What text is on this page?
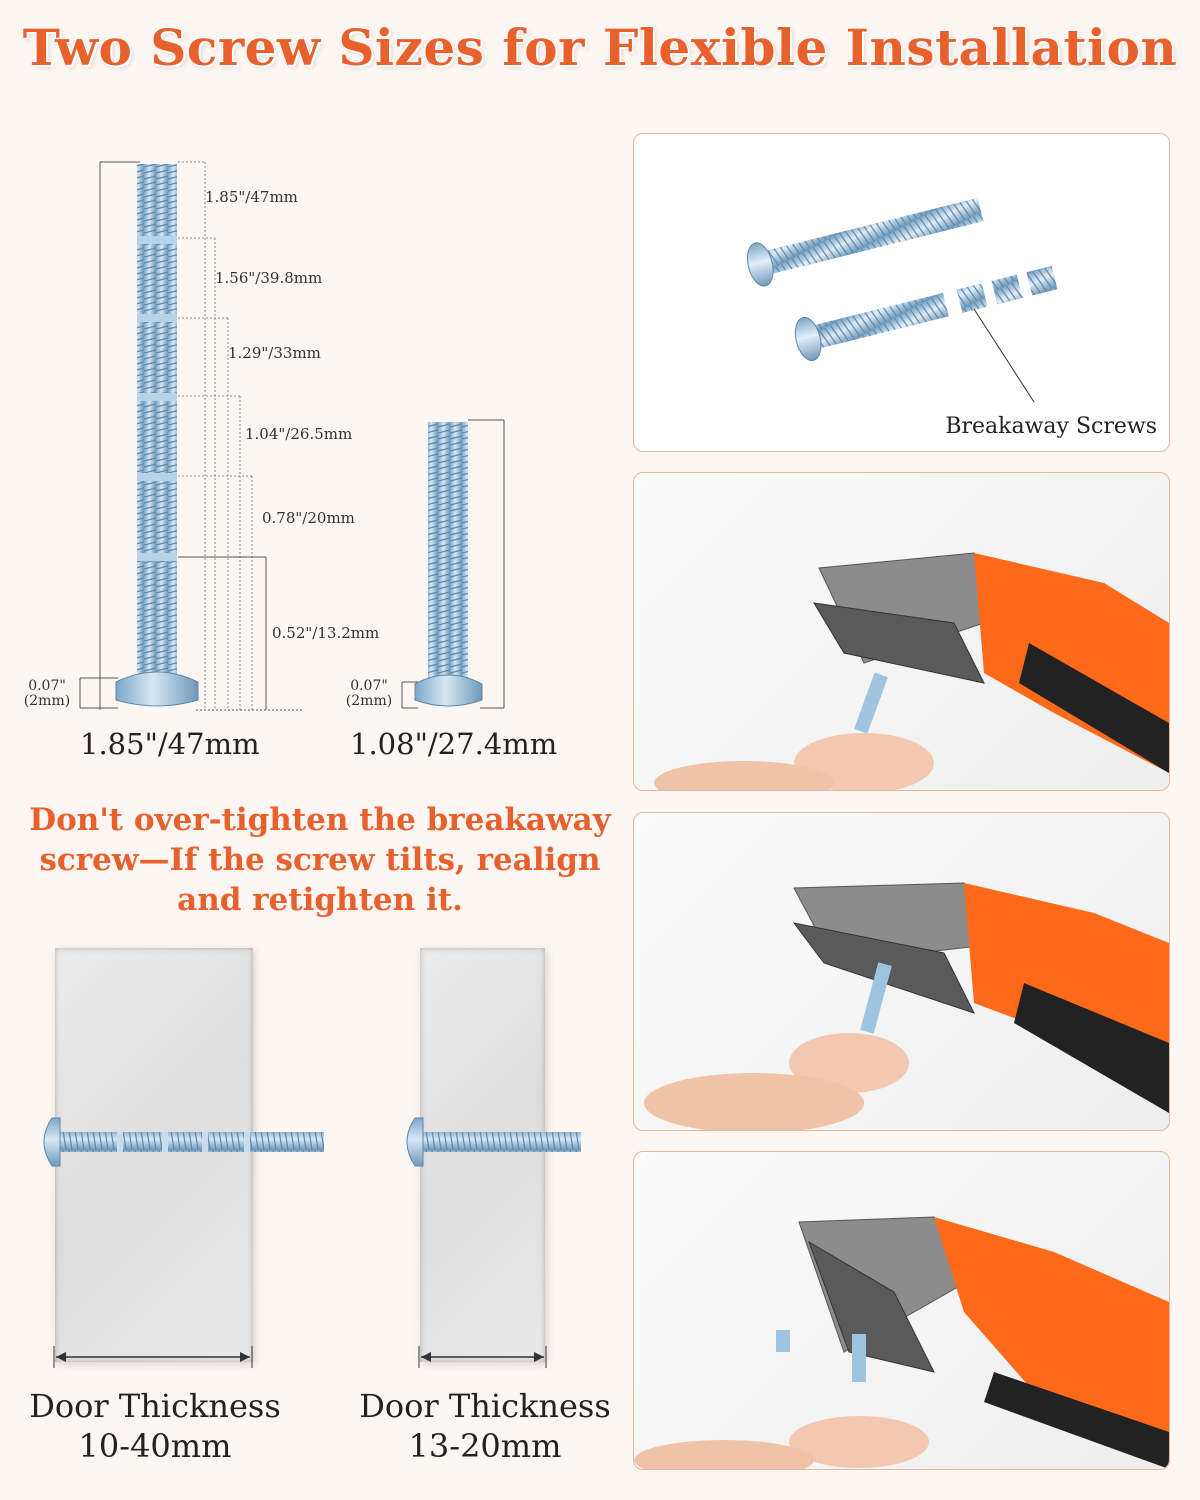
Two Screw Sizes for Flexible Installation
1.85"/47mm
1.56"/39.8mm
1.29"/33mm
1.04"/26.5mm
0.78"/20mm
0.52"/13.2mm
0.07"
(2mm)
1.85"/47mm
0.07"
(2mm)
1.08"/27.4mm
Don't over-tighten the breakaway screw—If the screw tilts, realign and retighten it.
Door Thickness
10-40mm
Door Thickness
13-20mm
Breakaway Screws
